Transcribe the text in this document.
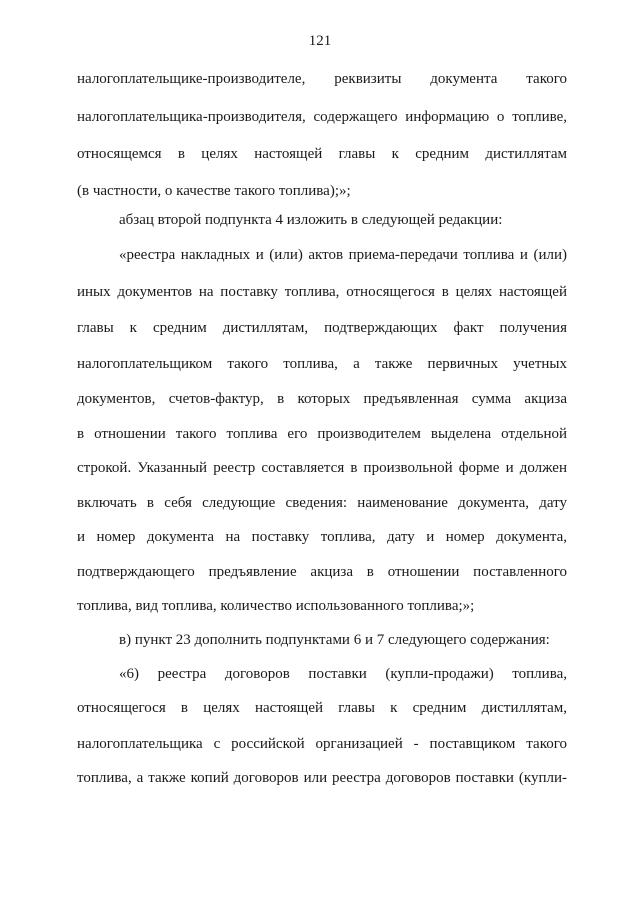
121
налогоплательщике-производителе, реквизиты документа такого
налогоплательщика-производителя, содержащего информацию о топливе,
относящемся в целях настоящей главы к средним дистиллятам
(в частности, о качестве такого топлива);»;
абзац второй подпункта 4 изложить в следующей редакции:
«реестра накладных и (или) актов приема-передачи топлива и (или)
иных документов на поставку топлива, относящегося в целях настоящей
главы к средним дистиллятам, подтверждающих факт получения
налогоплательщиком такого топлива, а также первичных учетных
документов, счетов-фактур, в которых предъявленная сумма акциза
в отношении такого топлива его производителем выделена отдельной
строкой. Указанный реестр составляется в произвольной форме и должен
включать в себя следующие сведения: наименование документа, дату
и номер документа на поставку топлива, дату и номер документа,
подтверждающего предъявление акциза в отношении поставленного
топлива, вид топлива, количество использованного топлива;»;
в) пункт 23 дополнить подпунктами 6 и 7 следующего содержания:
«6) реестра договоров поставки (купли-продажи) топлива,
относящегося в целях настоящей главы к средним дистиллятам,
налогоплательщика с российской организацией - поставщиком такого
топлива, а также копий договоров или реестра договоров поставки (купли-
